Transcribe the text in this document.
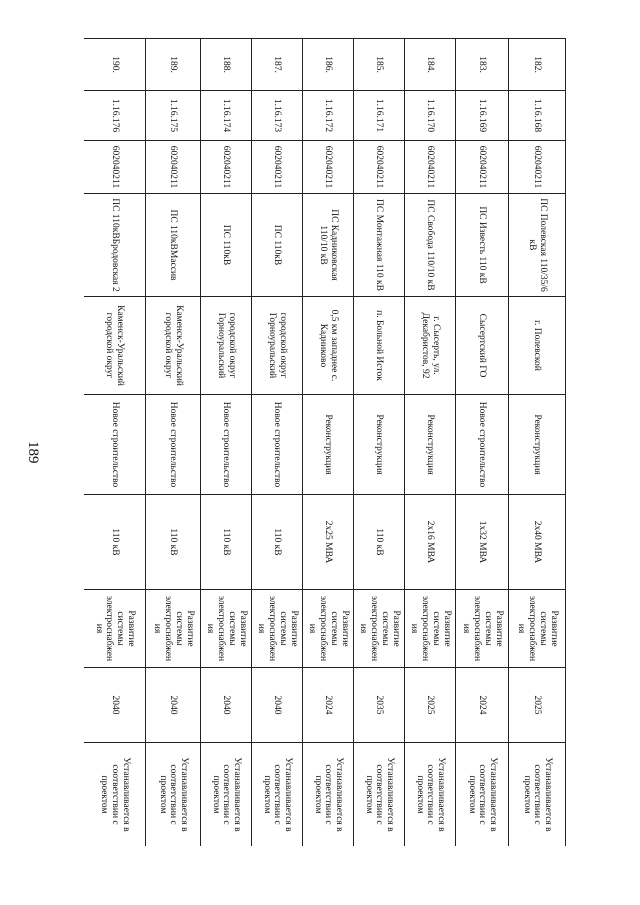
189
182.	1.16.168	602040211	ПС Полевская 110/35/6 кВ	г. Полевской	Реконструкция	2х40 МВА	Развитие системы электроснабжен ия	2025	Устанавливается в соответствии с проектом
183.	1.16.169	602040211	ПС Известь 110 кВ	Сысертский ГО	Новое строительство	1х32 МВА	Развитие системы электроснабжен ия	2024	Устанавливается в соответствии с проектом
184.	1.16.170	602040211	ПС Свобода 110/10 кВ	г. Сысерть, ул. Декабристов, 92	Реконструкция	2х16 МВА	Развитие системы электроснабжен ия	2025	Устанавливается в соответствии с проектом
185.	1.16.171	602040211	ПС Монтажная 110 кВ	п. Больной Исток	Реконструкция	110 кВ	Развитие системы электроснабжен ия	2035	Устанавливается в соответствии с проектом
186.	1.16.172	602040211	ПС Кадниковская 110/10 кВ	0,5 км западнее с. Кадниково	Реконструкция	2х25 МВА	Развитие системы электроснабжен ия	2024	Устанавливается в соответствии с проектом
187.	1.16.173	602040211	ПС 110кВ	городской округ Горноуральский	Новое строительство	110 кВ	Развитие системы электроснабжен ия	2040	Устанавливается в соответствии с проектом
188.	1.16.174	602040211	ПС 110кВ	городской округ Горноуральский	Новое строительство	110 кВ	Развитие системы электроснабжен ия	2040	Устанавливается в соответствии с проектом
189.	1.16.175	602040211	ПС 110кВМассив	Каменск-Уральский городской округ	Новое строительство	110 кВ	Развитие системы электроснабжен ия	2040	Устанавливается в соответствии с проектом
190.	1.16.176	602040211	ПС 110кВБродовская 2	Каменск-Уральский городской округ	Новое строительство	110 кВ	Развитие системы электроснабжен ия	2040	Устанавливается в соответствии с проектом
